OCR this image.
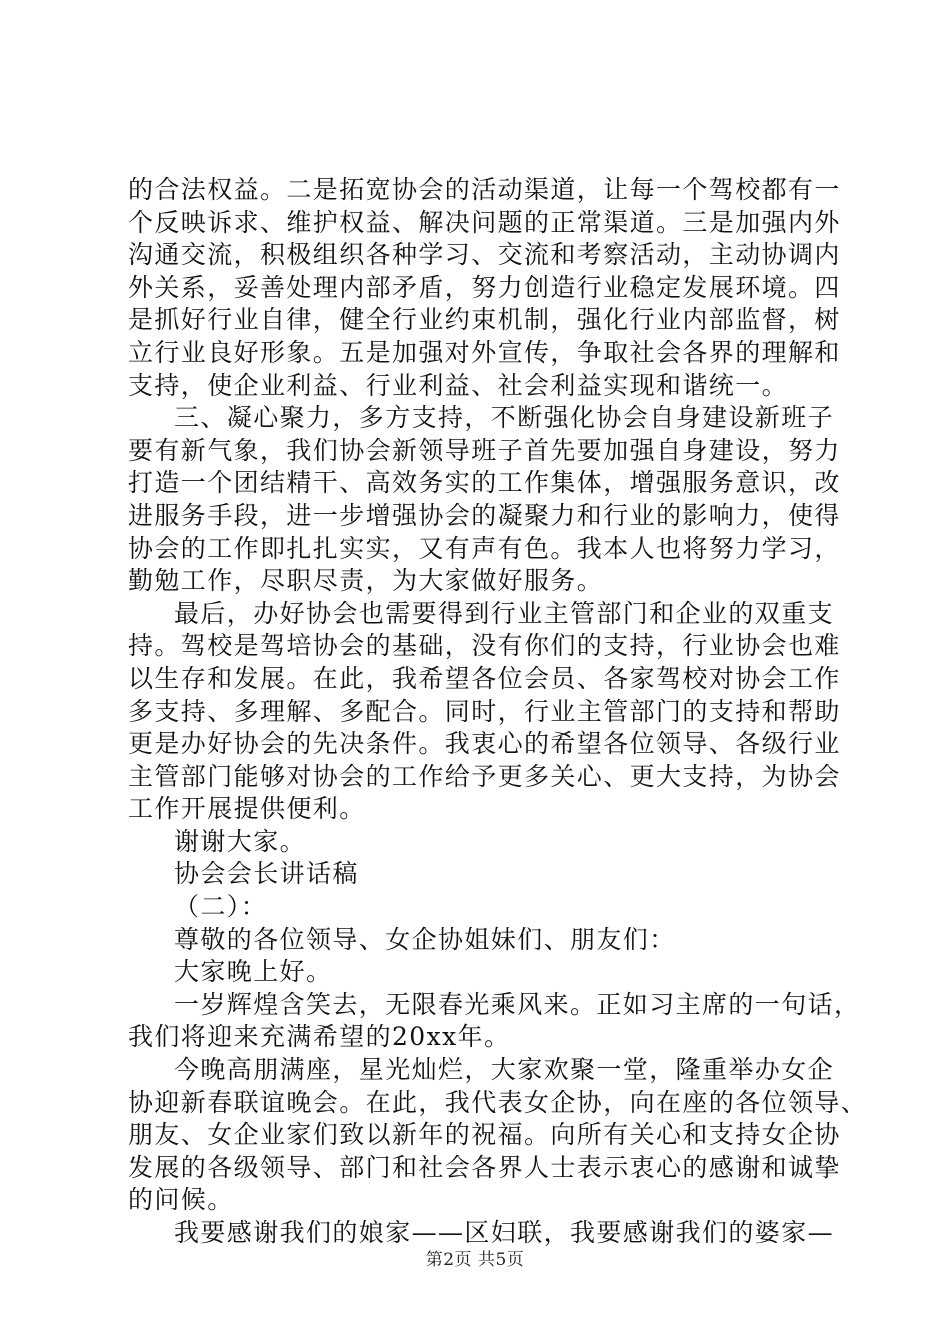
的合法权益。二是拓宽协会的活动渠道，让每一个驾校都有一
个反映诉求、维护权益、解决问题的正常渠道。三是加强内外
沟通交流，积极组织各种学习、交流和考察活动，主动协调内
外关系，妥善处理内部矛盾，努力创造行业稳定发展环境。四
是抓好行业自律，健全行业约束机制，强化行业内部监督，树
立行业良好形象。五是加强对外宣传，争取社会各界的理解和
支持，使企业利益、行业利益、社会利益实现和谐统一。
三、凝心聚力，多方支持，不断强化协会自身建设新班子
要有新气象，我们协会新领导班子首先要加强自身建设，努力
打造一个团结精干、高效务实的工作集体，增强服务意识，改
进服务手段，进一步增强协会的凝聚力和行业的影响力，使得
协会的工作即扎扎实实，又有声有色。我本人也将努力学习，
勤勉工作，尽职尽责，为大家做好服务。
最后，办好协会也需要得到行业主管部门和企业的双重支
持。驾校是驾培协会的基础，没有你们的支持，行业协会也难
以生存和发展。在此，我希望各位会员、各家驾校对协会工作
多支持、多理解、多配合。同时，行业主管部门的支持和帮助
更是办好协会的先决条件。我衷心的希望各位领导、各级行业
主管部门能够对协会的工作给予更多关心、更大支持，为协会
工作开展提供便利。
谢谢大家。
协会会长讲话稿
（二）：
尊敬的各位领导、女企协姐妹们、朋友们：
大家晚上好。
一岁辉煌含笑去，无限春光乘风来。正如习主席的一句话，
我们将迎来充满希望的20xx年。
今晚高朋满座，星光灿烂，大家欢聚一堂，隆重举办女企
协迎新春联谊晚会。在此，我代表女企协，向在座的各位领导、
朋友、女企业家们致以新年的祝福。向所有关心和支持女企协
发展的各级领导、部门和社会各界人士表示衷心的感谢和诚挚
的问候。
我要感谢我们的娘家——区妇联，我要感谢我们的婆家—
第2页 共5页
